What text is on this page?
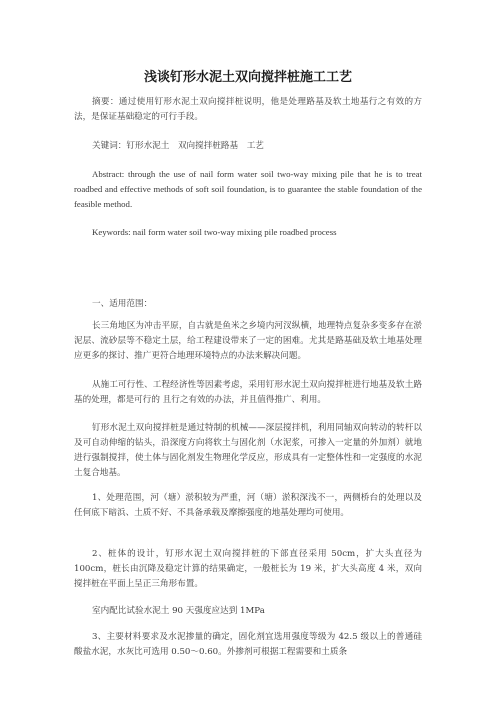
浅谈钉形水泥土双向搅拌桩施工工艺

摘要：通过使用钉形水泥土双向搅拌桩说明，他是处理路基及软土地基行之有效的方法，是保证基础稳定的可行手段。

关键词：钉形水泥土　双向搅拌桩路基　工艺

Abstract: through the use of nail form water soil two-way mixing pile that he is to treat roadbed and effective methods of soft soil foundation, is to guarantee the stable foundation of the feasible method.

Keywords: nail form water soil two-way mixing pile roadbed process

一、适用范围：

长三角地区为冲击平原，自古就是鱼米之乡境内河汊纵横，地理特点复杂多变多存在淤泥层、流砂层等不稳定土层，给工程建设带来了一定的困难。尤其是路基础及软土地基处理应更多的探讨、推广更符合地理环境特点的办法来解决问题。

从施工可行性、工程经济性等因素考虑，采用钉形水泥土双向搅拌桩进行地基及软土路基的处理，都是可行的 且行之有效的办法，并且值得推广、利用。

钉形水泥土双向搅拌桩是通过特制的机械——深层搅拌机，利用同轴双向转动的转杆以及可自动伸缩的钻头，沿深度方向将软土与固化剂（水泥浆，可掺入一定量的外加剂）就地进行强制搅拌，使土体与固化剂发生物理化学反应，形成具有一定整体性和一定强度的水泥土复合地基。

1、处理范围，河（塘）淤积较为严重，河（塘）淤积深浅不一，两侧桥台的处理以及任何底下暗浜、土质不好、不具备承载及摩擦强度的地基处理均可使用。

2、桩体的设计，钉形水泥土双向搅拌桩的下部直径采用 50cm，扩大头直径为 100cm，桩长由沉降及稳定计算的结果确定，一般桩长为 19 米，扩大头高度 4 米，双向搅拌桩在平面上呈正三角形布置。

室内配比试验水泥土 90 天强度应达到 1MPa

3、主要材料要求及水泥掺量的确定，固化剂宜选用强度等级为 42.5 级以上的普通硅酸盐水泥，水灰比可选用 0.50～0.60。外掺剂可根据工程需要和土质条
